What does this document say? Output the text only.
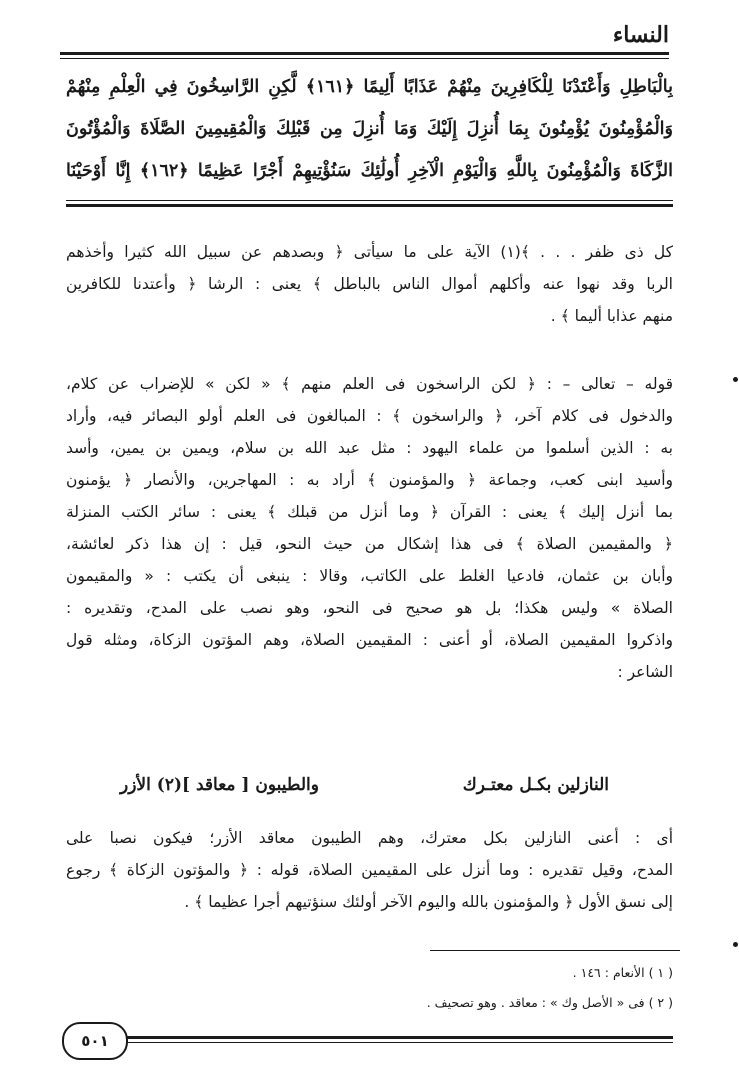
النساء
بِالْبَاطِلِ وَأَعْتَدْنَا لِلْكَافِرِينَ مِنْهُمْ عَذَابًا أَلِيمًا ﴿١٦١﴾ لَّكِنِ الرَّاسِخُونَ فِي الْعِلْمِ مِنْهُمْ
وَالْمُؤْمِنُونَ يُؤْمِنُونَ بِمَا أُنزِلَ إِلَيْكَ وَمَا أُنزِلَ مِن قَبْلِكَ وَالْمُقِيمِينَ الصَّلَاةَ وَالْمُؤْتُونَ
الزَّكَاةَ وَالْمُؤْمِنُونَ بِاللَّهِ وَالْيَوْمِ الْآخِرِ أُولَٰئِكَ سَنُؤْتِيهِمْ أَجْرًا عَظِيمًا ﴿١٦٢﴾ إِنَّا أَوْحَيْنَا
كل ذى ظفر . . . ﴾(١) الآية على ما سيأتى ﴿ وبصدهم عن سبيل الله كثيرا وأخذهم
الربا وقد نهوا عنه وأكلهم أموال الناس بالباطل ﴾ يعنى : الرشا ﴿ وأعتدنا للكافرين
منهم عذابا أليما ﴾ .
قوله – تعالى – : ﴿ لكن الراسخون فى العلم منهم ﴾ « لكن » للإضراب عن كلام،
والدخول فى كلام آخر، ﴿ والراسخون ﴾ : المبالغون فى العلم أولو البصائر فيه، وأراد
به : الذين أسلموا من علماء اليهود : مثل عبد الله بن سلام، ويمين بن يمين، وأسد
وأسيد ابنى كعب، وجماعة ﴿ والمؤمنون ﴾ أراد به : المهاجرين، والأنصار ﴿ يؤمنون
بما أنزل إليك ﴾ يعنى : القرآن ﴿ وما أنزل من قبلك ﴾ يعنى : سائر الكتب المنزلة
﴿ والمقيمين الصلاة ﴾ فى هذا إشكال من حيث النحو، قيل : إن هذا ذكر لعائشة،
وأبان بن عثمان، فادعيا الغلط على الكاتب، وقالا : ينبغى أن يكتب : « والمقيمون
الصلاة » وليس هكذا؛ بل هو صحيح فى النحو، وهو نصب على المدح، وتقديره :
واذكروا المقيمين الصلاة، أو أعنى : المقيمين الصلاة، وهم المؤتون الزكاة، ومثله قول
الشاعر :
النازلين بكـل معتـرك
والطيبون [ معاقد ](٢) الأزر
أى : أعنى النازلين بكل معترك، وهم الطيبون معاقد الأزر؛ فيكون نصبا على
المدح، وقيل تقديره : وما أنزل على المقيمين الصلاة، قوله : ﴿ والمؤتون الزكاة ﴾ رجوع
إلى نسق الأول ﴿ والمؤمنون بالله واليوم الآخر أولئك سنؤتيهم أجرا عظيما ﴾ .
( ١ ) الأنعام : ١٤٦ .
( ٢ ) فى « الأصل وك » : معاقد . وهو تصحيف .
٥٠١
